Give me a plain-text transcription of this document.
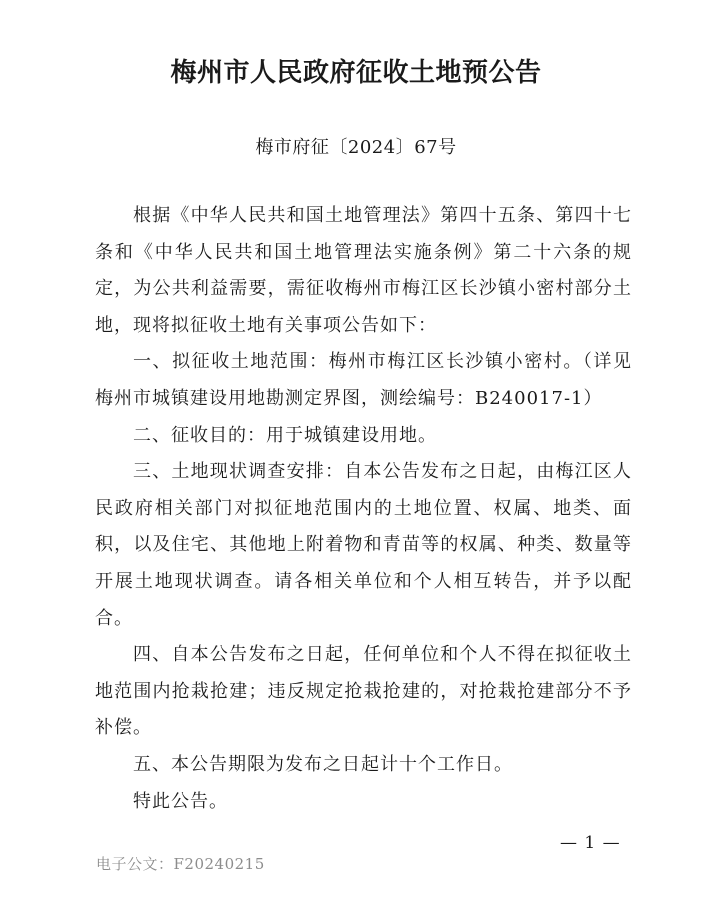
梅州市人民政府征收土地预公告
梅市府征〔2024〕67号

根据《中华人民共和国土地管理法》第四十五条、第四十七条和《中华人民共和国土地管理法实施条例》第二十六条的规定，为公共利益需要，需征收梅州市梅江区长沙镇小密村部分土地，现将拟征收土地有关事项公告如下：

一、拟征收土地范围：梅州市梅江区长沙镇小密村。（详见梅州市城镇建设用地勘测定界图，测绘编号：B240017-1）

二、征收目的：用于城镇建设用地。

三、土地现状调查安排：自本公告发布之日起，由梅江区人民政府相关部门对拟征地范围内的土地位置、权属、地类、面积，以及住宅、其他地上附着物和青苗等的权属、种类、数量等开展土地现状调查。请各相关单位和个人相互转告，并予以配合。

四、自本公告发布之日起，任何单位和个人不得在拟征收土地范围内抢栽抢建；违反规定抢栽抢建的，对抢栽抢建部分不予补偿。

五、本公告期限为发布之日起计十个工作日。

特此公告。

— 1 —
电子公文：F20240215
